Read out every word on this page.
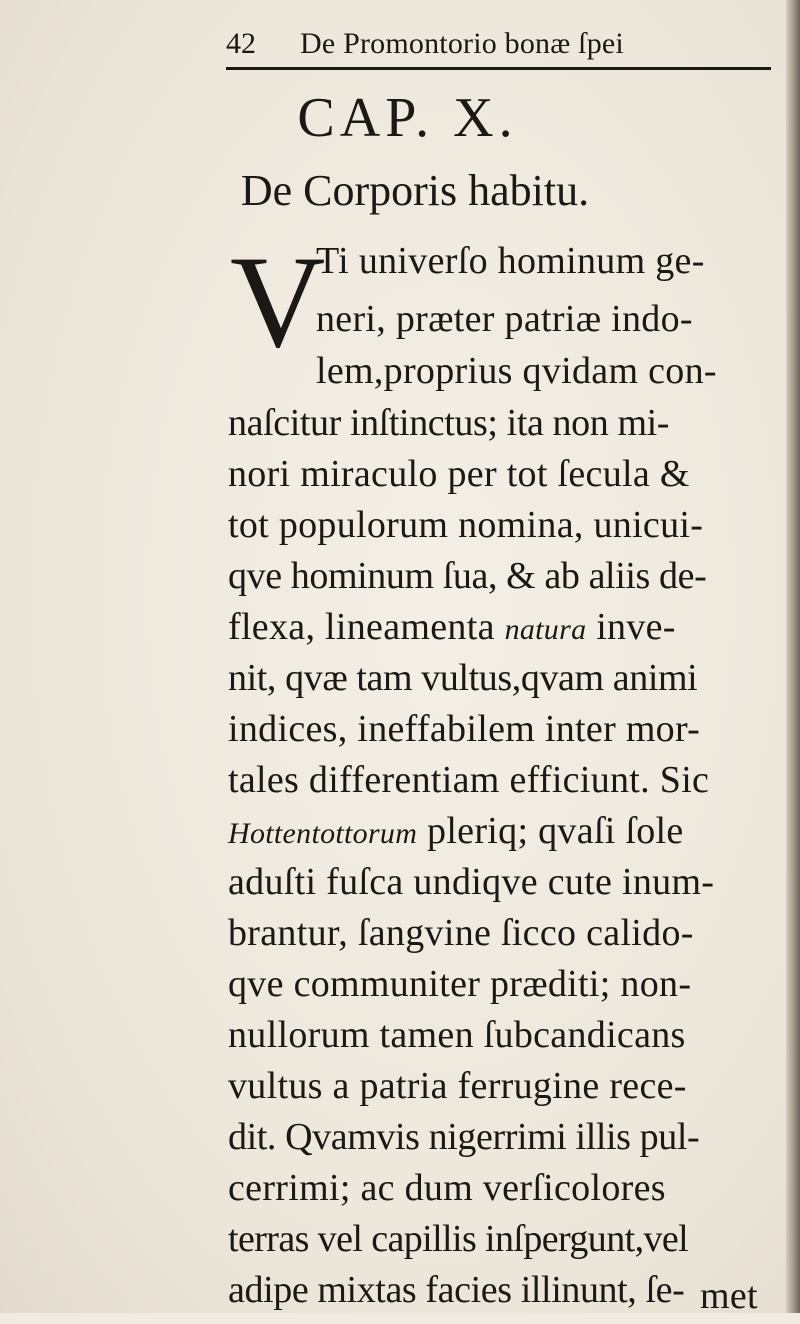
42 De Promontorio bonæ ſpei
CAP. X.
De Corporis habitu.
V
Ti univerſo hominum ge-
neri, præter patriæ indo-
lem,proprius qvidam con-
naſcitur inſtinctus; ita non mi-
nori miraculo per tot ſecula &
tot populorum nomina, unicui-
qve hominum ſua, & ab aliis de-
flexa, lineamenta natura inve-
nit, qvæ tam vultus,qvam animi
indices, ineffabilem inter mor-
tales differentiam efficiunt. Sic
Hottentottorum pleriq; qvaſi ſole
aduſti fuſca undiqve cute inum-
brantur, ſangvine ſicco calido-
qve communiter præditi; non-
nullorum tamen ſubcandicans
vultus a patria ferrugine rece-
dit. Qvamvis nigerrimi illis pul-
cerrimi; ac dum verſicolores
terras vel capillis inſpergunt,vel
adipe mixtas facies illinunt, ſe- met
